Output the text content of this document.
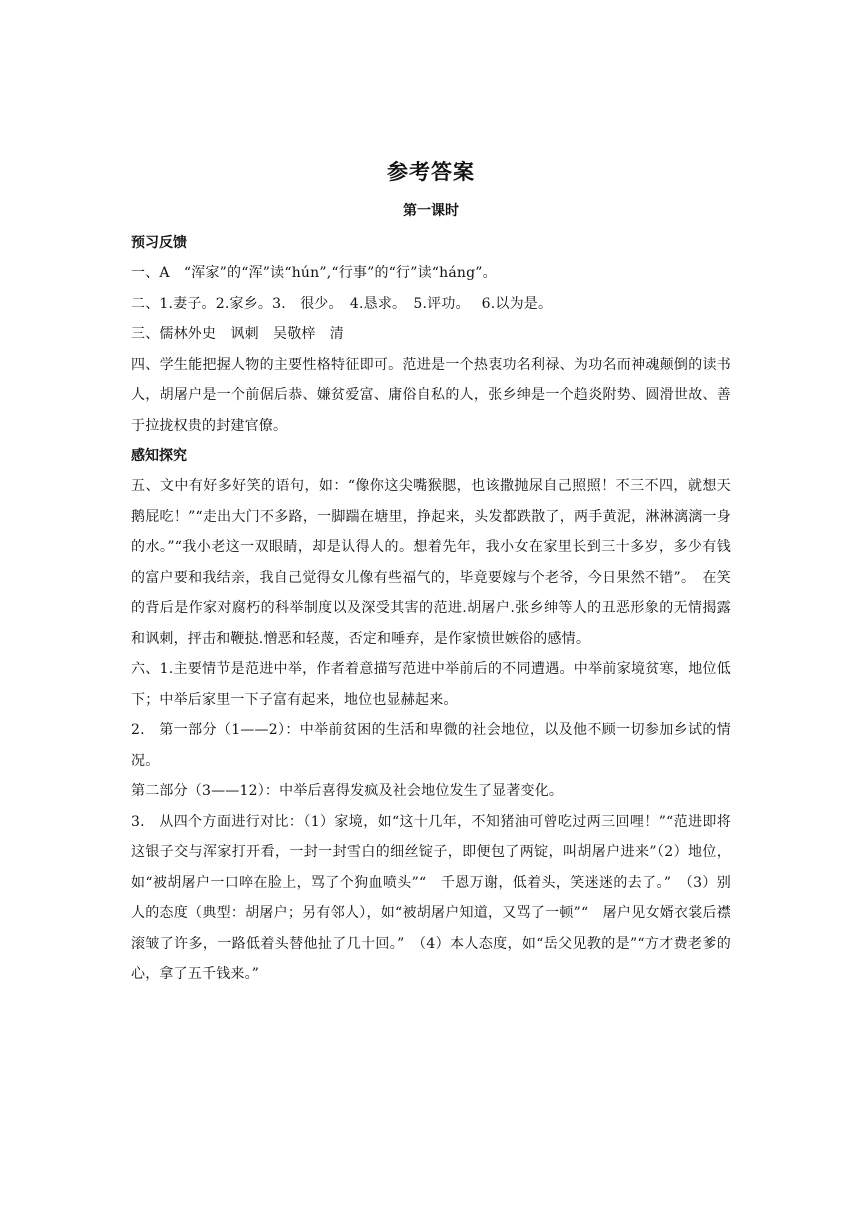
参考答案
第一课时
预习反馈

一、A　“浑家”的“浑”读“hún”,“行事”的“行”读“háng”。

二、1.妻子。2.家乡。3.　很少。　4.恳求。　5.评功。　 6.以为是。

三、儒林外史　讽刺　吴敬梓　清

四、学生能把握人物的主要性格特征即可。范进是一个热衷功名利禄、为功名而神魂颠倒的读书人，胡屠户是一个前倨后恭、嫌贫爱富、庸俗自私的人，张乡绅是一个趋炎附势、圆滑世故、善于拉拢权贵的封建官僚。

感知探究

五、文中有好多好笑的语句，如：“像你这尖嘴猴腮，也该撒抛尿自己照照！不三不四，就想天鹅屁吃！”“走出大门不多路，一脚踹在塘里，挣起来，头发都跌散了，两手黄泥，淋淋漓漓一身的水。”“我小老这一双眼睛，却是认得人的。想着先年，我小女在家里长到三十多岁，多少有钱的富户要和我结亲，我自己觉得女儿像有些福气的，毕竟要嫁与个老爷，今日果然不错”。　在笑的背后是作家对腐朽的科举制度以及深受其害的范进.胡屠户.张乡绅等人的丑恶形象的无情揭露和讽刺，抨击和鞭挞.憎恶和轻蔑，否定和唾弃，是作家愤世嫉俗的感情。

六、1.主要情节是范进中举，作者着意描写范进中举前后的不同遭遇。中举前家境贫寒，地位低下；中举后家里一下子富有起来，地位也显赫起来。

2.　第一部分（1——2）：中举前贫困的生活和卑微的社会地位，以及他不顾一切参加乡试的情况。

第二部分（3——12）：中举后喜得发疯及社会地位发生了显著变化。

3.　从四个方面进行对比：（1）家境，如“这十几年，不知猪油可曾吃过两三回哩！”“范进即将这银子交与浑家打开看，一封一封雪白的细丝锭子，即便包了两锭，叫胡屠户进来”（2）地位，如“被胡屠户一口啐在脸上，骂了个狗血喷头”“　千恩万谢，低着头，笑迷迷的去了。”　（3）别人的态度（典型：胡屠户；另有邻人），如“被胡屠户知道，又骂了一顿”“　屠户见女婿衣裳后襟滚皱了许多，一路低着头替他扯了几十回。”　（4）本人态度，如“岳父见教的是”“方才费老爹的心，拿了五千钱来。”
